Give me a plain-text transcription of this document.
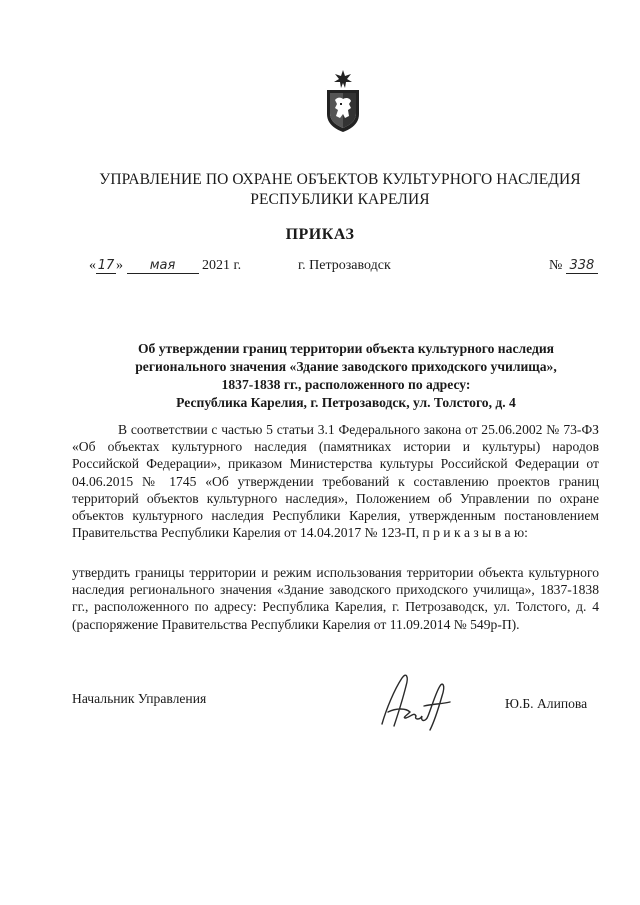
УПРАВЛЕНИЕ ПО ОХРАНЕ ОБЪЕКТОВ КУЛЬТУРНОГО НАСЛЕДИЯ
РЕСПУБЛИКИ КАРЕЛИЯ
ПРИКАЗ
« 17 » мая 2021 г.	г. Петрозаводск	№ 338
Об утверждении границ территории объекта культурного наследия
регионального значения «Здание заводского приходского училища»,
1837-1838 гг., расположенного по адресу:
Республика Карелия, г. Петрозаводск, ул. Толстого, д. 4

В соответствии с частью 5 статьи 3.1 Федерального закона от 25.06.2002 № 73-ФЗ «Об объектах культурного наследия (памятниках истории и культуры) народов Российской Федерации», приказом Министерства культуры Российской Федерации от 04.06.2015 № 1745 «Об утверждении требований к составлению проектов границ территорий объектов культурного наследия», Положением об Управлении по охране объектов культурного наследия Республики Карелия, утвержденным постановлением Правительства Республики Карелия от 14.04.2017 № 123-П, п р и к а з ы в а ю:

утвердить границы территории и режим использования территории объекта культурного наследия регионального значения «Здание заводского приходского училища», 1837-1838 гг., расположенного по адресу: Республика Карелия, г. Петрозаводск, ул. Толстого, д. 4 (распоряжение Правительства Республики Карелия от 11.09.2014 № 549р-П).

Начальник Управления	Ю.Б. Алипова
